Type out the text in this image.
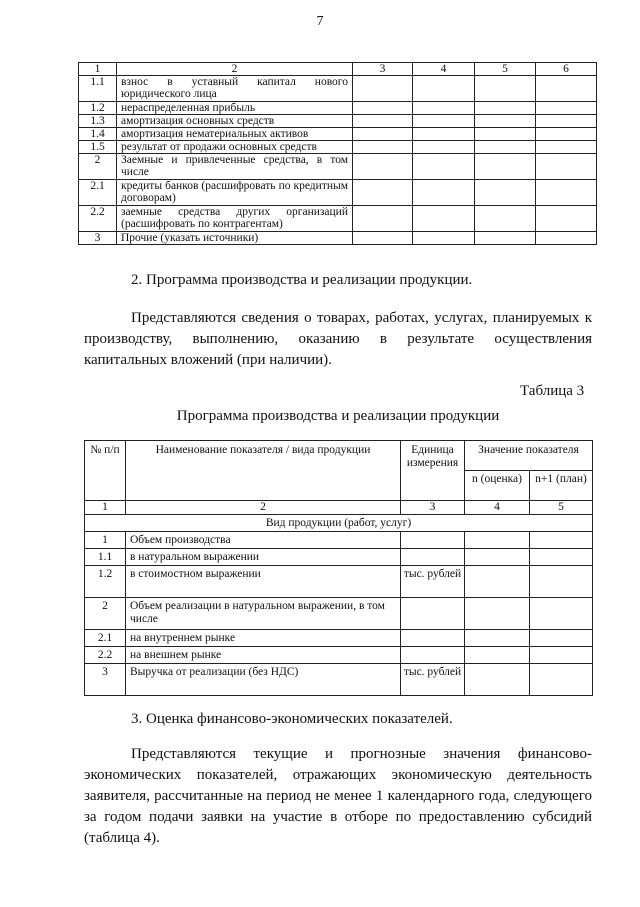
7
1	2	3	4	5	6
1.1	взнос в уставный капитал нового юридического лица				
1.2	нераспределенная прибыль				
1.3	амортизация основных средств				
1.4	амортизация нематериальных активов				
1.5	результат от продажи основных средств				
2	Заемные и привлеченные средства, в том числе				
2.1	кредиты банков (расшифровать по кредитным договорам)				
2.2	заемные средства других организаций (расшифровать по контрагентам)				
3	Прочие (указать источники)				
2. Программа производства и реализации продукции.
Представляются сведения о товарах, работах, услугах, планируемых к производству, выполнению, оказанию в результате осуществления капитальных вложений (при наличии).
Таблица 3
Программа производства и реализации продукции
№ п/п	Наименование показателя / вида продукции	Единица измерения	Значение показателя	
			n (оценка)	n+1 (план)
1	2	3	4	5
Вид продукции (работ, услуг)				
1	Объем производства			
1.1	в натуральном выражении			
1.2	в стоимостном выражении	тыс. рублей		
2	Объем реализации в натуральном выражении, в том числе			
2.1	на внутреннем рынке			
2.2	на внешнем рынке			
3	Выручка от реализации (без НДС)	тыс. рублей		
3. Оценка финансово-экономических показателей.
Представляются текущие и прогнозные значения финансово-экономических показателей, отражающих экономическую деятельность заявителя, рассчитанные на период не менее 1 календарного года, следующего за годом подачи заявки на участие в отборе по предоставлению субсидий (таблица 4).
